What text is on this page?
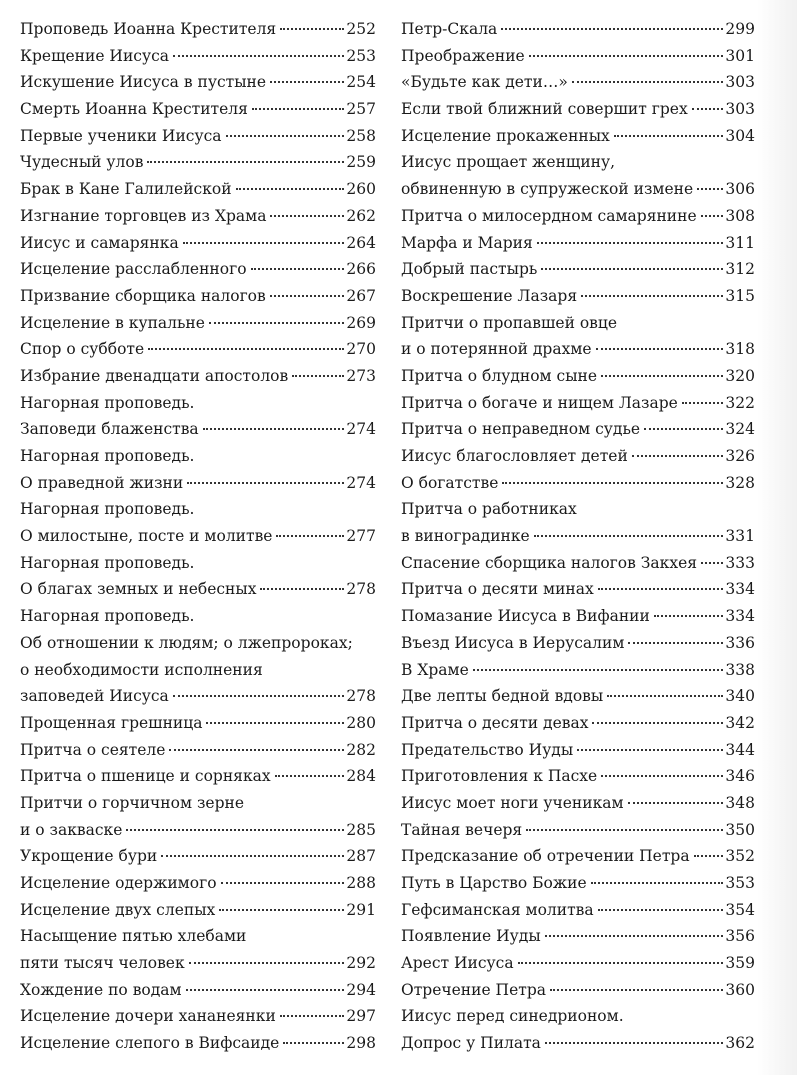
Проповедь Иоанна Крестителя	252
Крещение Иисуса	253
Искушение Иисуса в пустыне	254
Смерть Иоанна Крестителя	257
Первые ученики Иисуса	258
Чудесный улов	259
Брак в Кане Галилейской	260
Изгнание торговцев из Храма	262
Иисус и самарянка	264
Исцеление расслабленного	266
Призвание сборщика налогов	267
Исцеление в купальне	269
Спор о субботе	270
Избрание двенадцати апостолов	273
Нагорная проповедь.
Заповеди блаженства	274
Нагорная проповедь.
О праведной жизни	274
Нагорная проповедь.
О милостыне, посте и молитве	277
Нагорная проповедь.
О благах земных и небесных	278
Нагорная проповедь.
Об отношении к людям; о лжепророках;
о необходимости исполнения
заповедей Иисуса	278
Прощенная грешница	280
Притча о сеятеле	282
Притча о пшенице и сорняках	284
Притчи о горчичном зерне
и о закваске	285
Укрощение бури	287
Исцеление одержимого	288
Исцеление двух слепых	291
Насыщение пятью хлебами
пяти тысяч человек	292
Хождение по водам	294
Исцеление дочери хананеянки	297
Исцеление слепого в Вифсаиде	298
Петр-Скала	299
Преображение	301
«Будьте как дети…»	303
Если твой ближний совершит грех 303
Исцеление прокаженных	304
Иисус прощает женщину,
обвиненную в супружеской измене 306
Притча о милосердном самарянине 308
Марфа и Мария	311
Добрый пастырь	312
Воскрешение Лазаря	315
Притчи о пропавшей овце
и о потерянной драхме	318
Притча о блудном сыне	320
Притча о богаче и нищем Лазаре	322
Притча о неправедном судье	324
Иисус благословляет детей	326
О богатстве	328
Притча о работниках
в виноградинке	331
Спасение сборщика налогов Закхея 333
Притча о десяти минах	334
Помазание Иисуса в Вифании	334
Въезд Иисуса в Иерусалим	336
В Храме	338
Две лепты бедной вдовы	340
Притча о десяти девах	342
Предательство Иуды	344
Приготовления к Пасхе	346
Иисус моет ноги ученикам	348
Тайная вечеря	350
Предсказание об отречении Петра 352
Путь в Царство Божие	353
Гефсиманская молитва	354
Появление Иуды	356
Арест Иисуса	359
Отречение Петра	360
Иисус перед синедрионом.
Допрос у Пилата	362
